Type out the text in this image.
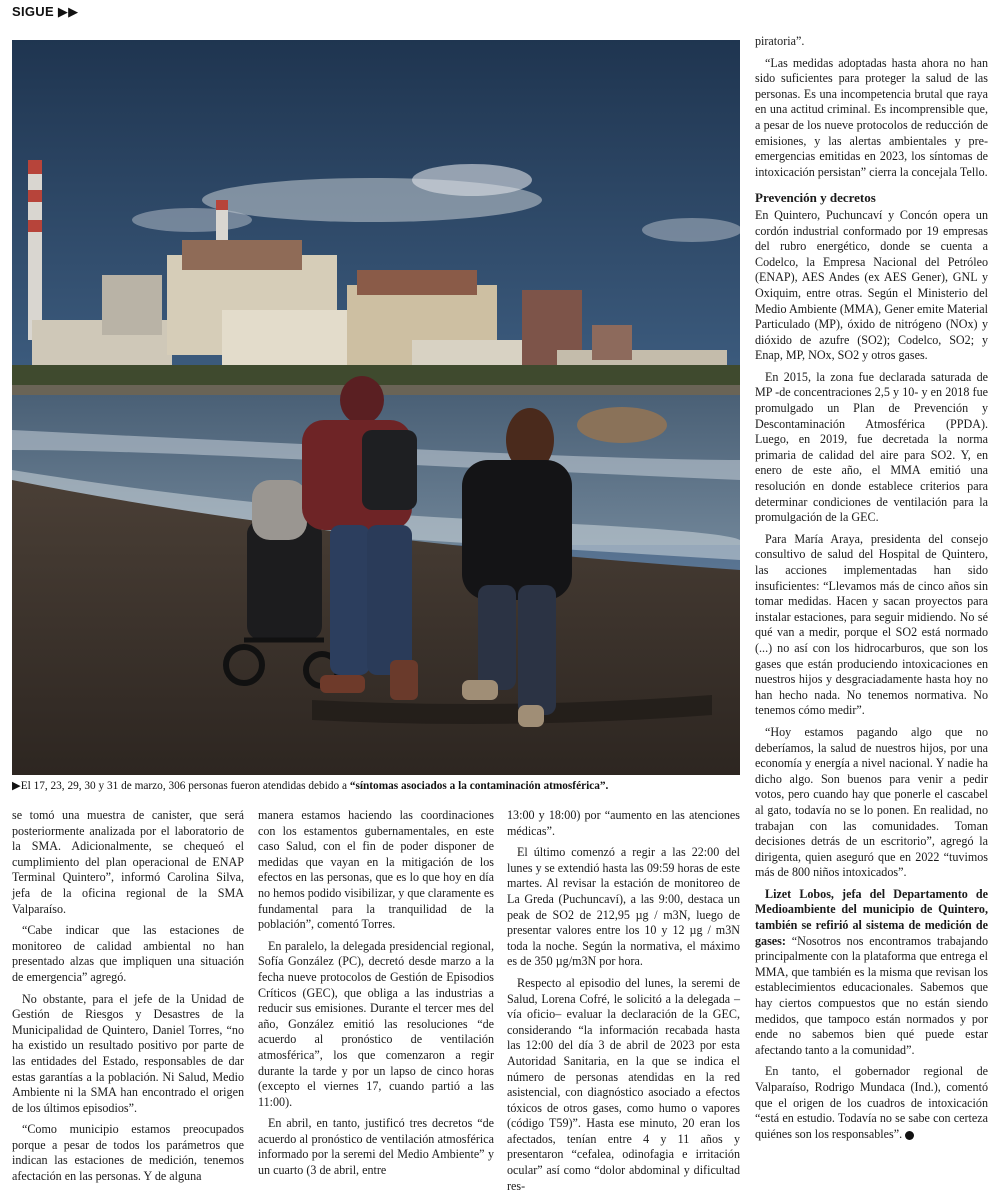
SIGUE ▶▶
▶El 17, 23, 29, 30 y 31 de marzo, 306 personas fueron atendidas debido a “síntomas asociados a la contaminación atmosférica”.

se tomó una muestra de canister, que será posteriormente analizada por el laboratorio de la SMA. Adicionalmente, se chequeó el cumplimiento del plan operacional de ENAP Terminal Quintero”, informó Carolina Silva, jefa de la oficina regional de la SMA Valparaíso.

“Cabe indicar que las estaciones de monitoreo de calidad ambiental no han presentado alzas que impliquen una situación de emergencia” agregó.

No obstante, para el jefe de la Unidad de Gestión de Riesgos y Desastres de la Municipalidad de Quintero, Daniel Torres, “no ha existido un resultado positivo por parte de las entidades del Estado, responsables de dar estas garantías a la población. Ni Salud, Medio Ambiente ni la SMA han encontrado el origen de los últimos episodios”.

“Como municipio estamos preocupados porque a pesar de todos los parámetros que indican las estaciones de medición, tenemos afectación en las personas. Y de alguna

manera estamos haciendo las coordinaciones con los estamentos gubernamentales, en este caso Salud, con el fin de poder disponer de medidas que vayan en la mitigación de los efectos en las personas, que es lo que hoy en día no hemos podido visibilizar, y que claramente es fundamental para la tranquilidad de la población”, comentó Torres.

En paralelo, la delegada presidencial regional, Sofía González (PC), decretó desde marzo a la fecha nueve protocolos de Gestión de Episodios Críticos (GEC), que obliga a las industrias a reducir sus emisiones. Durante el tercer mes del año, González emitió las resoluciones “de acuerdo al pronóstico de ventilación atmosférica”, los que comenzaron a regir durante la tarde y por un lapso de cinco horas (excepto el viernes 17, cuando partió a las 11:00).

En abril, en tanto, justificó tres decretos “de acuerdo al pronóstico de ventilación atmosférica informado por la seremi del Medio Ambiente” y un cuarto (3 de abril, entre

13:00 y 18:00) por “aumento en las atenciones médicas”.

El último comenzó a regir a las 22:00 del lunes y se extendió hasta las 09:59 horas de este martes. Al revisar la estación de monitoreo de La Greda (Puchuncaví), a las 9:00, destaca un peak de SO2 de 212,95 µg / m3N, luego de presentar valores entre los 10 y 12 µg / m3N toda la noche. Según la normativa, el máximo es de 350 µg/m3N por hora.

Respecto al episodio del lunes, la seremi de Salud, Lorena Cofré, le solicitó a la delegada –vía oficio– evaluar la declaración de la GEC, considerando “la información recabada hasta las 12:00 del día 3 de abril de 2023 por esta Autoridad Sanitaria, en la que se indica el número de personas atendidas en la red asistencial, con diagnóstico asociado a efectos tóxicos de otros gases, como humo o vapores (código T59)”. Hasta ese minuto, 20 eran los afectados, tenían entre 4 y 11 años y presentaron “cefalea, odinofagia e irritación ocular” así como “dolor abdominal y dificultad res-

piratoria”.

“Las medidas adoptadas hasta ahora no han sido suficientes para proteger la salud de las personas. Es una incompetencia brutal que raya en una actitud criminal. Es incomprensible que, a pesar de los nueve protocolos de reducción de emisiones, y las alertas ambientales y pre-emergencias emitidas en 2023, los síntomas de intoxicación persistan” cierra la concejala Tello.

Prevención y decretos

En Quintero, Puchuncaví y Concón opera un cordón industrial conformado por 19 empresas del rubro energético, donde se cuenta a Codelco, la Empresa Nacional del Petróleo (ENAP), AES Andes (ex AES Gener), GNL y Oxiquim, entre otras. Según el Ministerio del Medio Ambiente (MMA), Gener emite Material Particulado (MP), óxido de nitrógeno (NOx) y dióxido de azufre (SO2); Codelco, SO2; y Enap, MP, NOx, SO2 y otros gases.

En 2015, la zona fue declarada saturada de MP -de concentraciones 2,5 y 10- y en 2018 fue promulgado un Plan de Prevención y Descontaminación Atmosférica (PPDA). Luego, en 2019, fue decretada la norma primaria de calidad del aire para SO2. Y, en enero de este año, el MMA emitió una resolución en donde establece criterios para determinar condiciones de ventilación para la promulgación de la GEC.

Para María Araya, presidenta del consejo consultivo de salud del Hospital de Quintero, las acciones implementadas han sido insuficientes: “Llevamos más de cinco años sin tomar medidas. Hacen y sacan proyectos para instalar estaciones, para seguir midiendo. No sé qué van a medir, porque el SO2 está normado (...) no así con los hidrocarburos, que son los gases que están produciendo intoxicaciones en nuestros hijos y desgraciadamente hasta hoy no han hecho nada. No tenemos normativa. No tenemos cómo medir”.

“Hoy estamos pagando algo que no deberíamos, la salud de nuestros hijos, por una economía y energía a nivel nacional. Y nadie ha dicho algo. Son buenos para venir a pedir votos, pero cuando hay que ponerle el cascabel al gato, todavía no se lo ponen. En realidad, no trabajan con las comunidades. Toman decisiones detrás de un escritorio”, agregó la dirigenta, quien aseguró que en 2022 “tuvimos más de 800 niños intoxicados”.

Lizet Lobos, jefa del Departamento de Medioambiente del municipio de Quintero, también se refirió al sistema de medición de gases: “Nosotros nos encontramos trabajando principalmente con la plataforma que entrega el MMA, que también es la misma que revisan los establecimientos educacionales. Sabemos que hay ciertos compuestos que no están siendo medidos, que tampoco están normados y por ende no sabemos bien qué puede estar afectando tanto a la comunidad”.

En tanto, el gobernador regional de Valparaíso, Rodrigo Mundaca (Ind.), comentó que el origen de los cuadros de intoxicación “está en estudio. Todavía no se sabe con certeza quiénes son los responsables”.
